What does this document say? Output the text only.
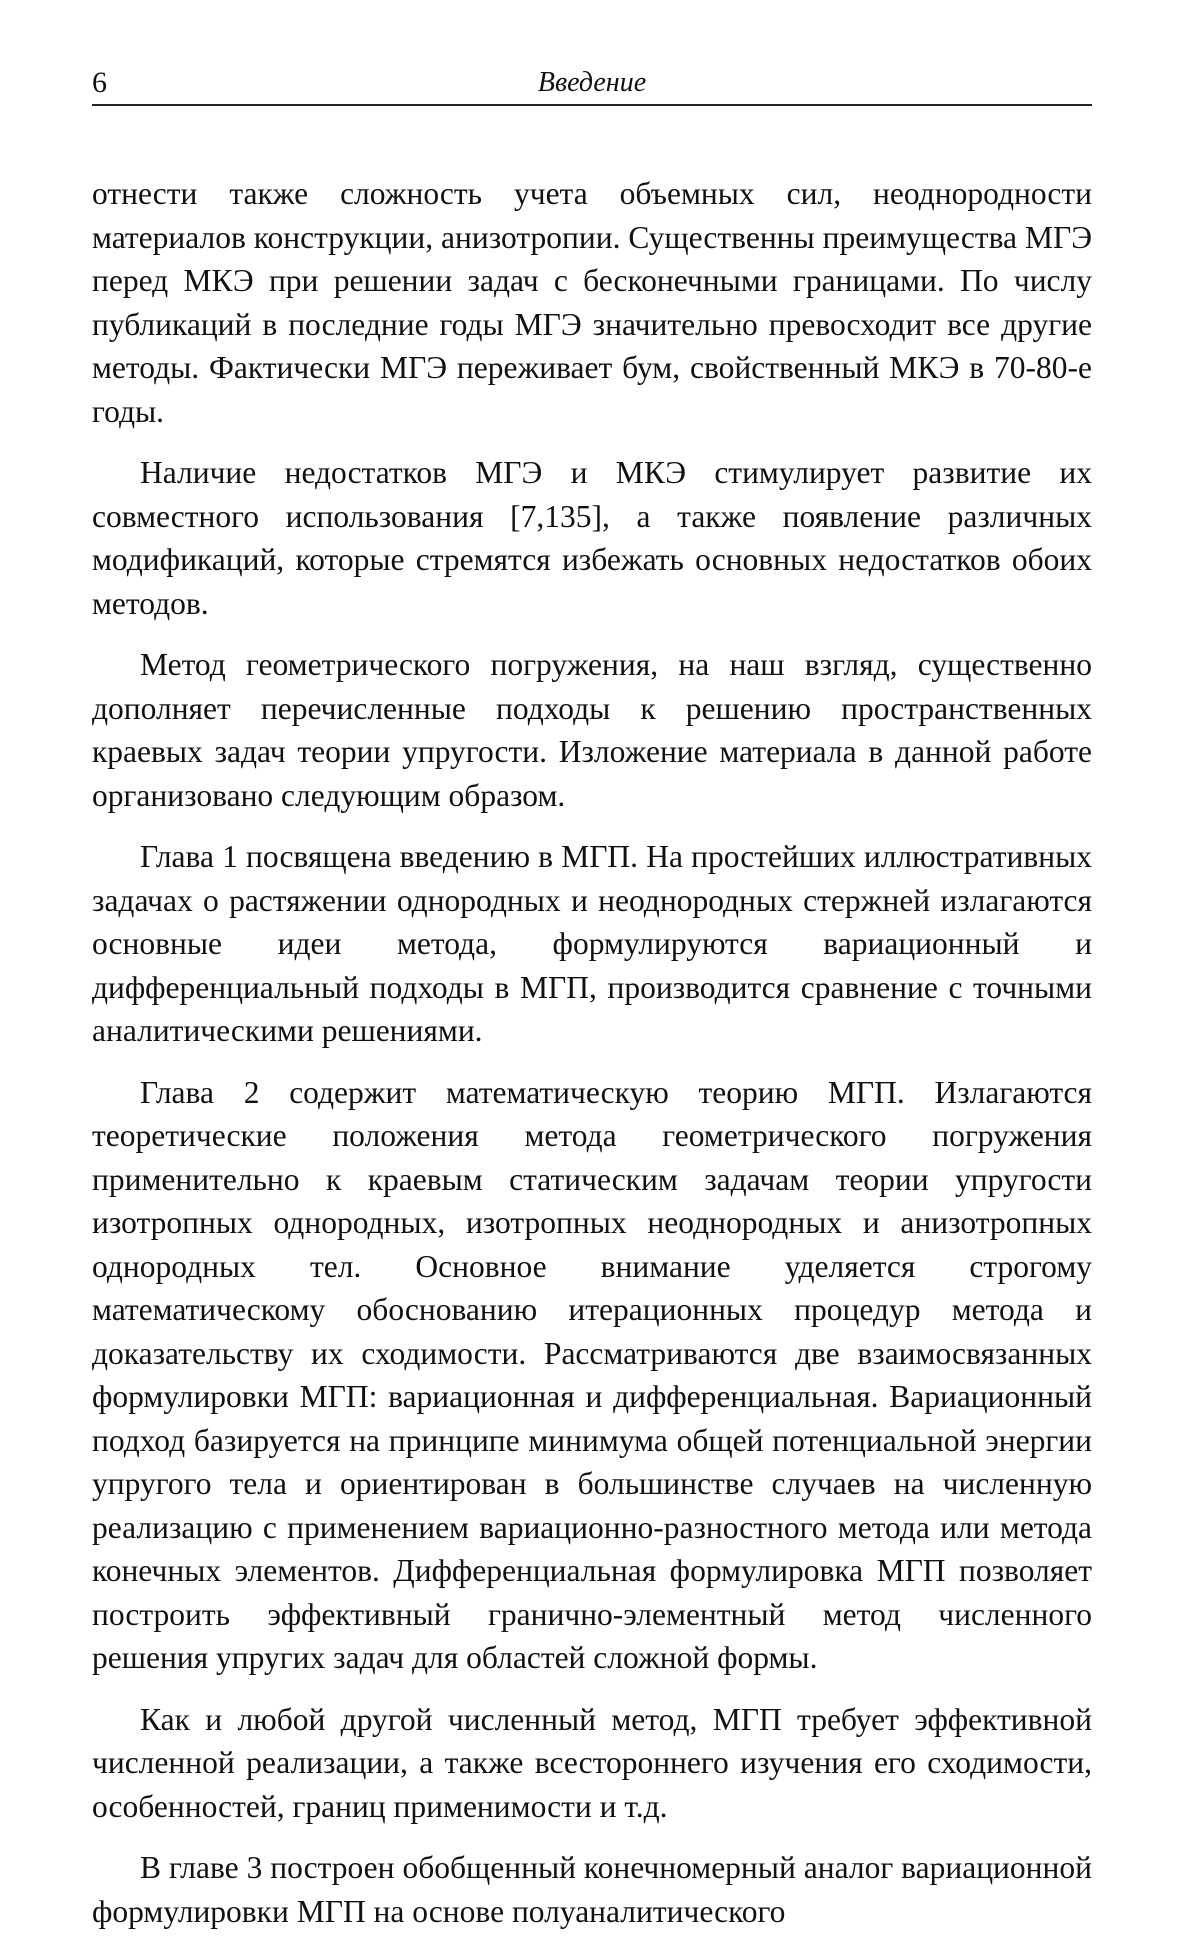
6	Введение

отнести также сложность учета объемных сил, неоднородности материалов конструкции, анизотропии. Существенны преимущества МГЭ перед МКЭ при решении задач с бесконечными границами. По числу публикаций в последние годы МГЭ значительно превосходит все другие методы. Фактически МГЭ переживает бум, свойственный МКЭ в 70-80-е годы.

Наличие недостатков МГЭ и МКЭ стимулирует развитие их совместного использования [7,135], а также появление различных модификаций, которые стремятся избежать основных недостатков обоих методов.

Метод геометрического погружения, на наш взгляд, существенно дополняет перечисленные подходы к решению пространственных краевых задач теории упругости. Изложение материала в данной работе организовано следующим образом.

Глава 1 посвящена введению в МГП. На простейших иллюстративных задачах о растяжении однородных и неоднородных стержней излагаются основные идеи метода, формулируются вариационный и дифференциальный подходы в МГП, производится сравнение с точными аналитическими решениями.

Глава 2 содержит математическую теорию МГП. Излагаются теоретические положения метода геометрического погружения применительно к краевым статическим задачам теории упругости изотропных однородных, изотропных неоднородных и анизотропных однородных тел. Основное внимание уделяется строгому математическому обоснованию итерационных процедур метода и доказательству их сходимости. Рассматриваются две взаимосвязанных формулировки МГП: вариационная и дифференциальная. Вариационный подход базируется на принципе минимума общей потенциальной энергии упругого тела и ориентирован в большинстве случаев на численную реализацию с применением вариационно-разностного метода или метода конечных элементов. Дифференциальная формулировка МГП позволяет построить эффективный гранично-элементный метод численного решения упругих задач для областей сложной формы.

Как и любой другой численный метод, МГП требует эффективной численной реализации, а также всестороннего изучения его сходимости, особенностей, границ применимости и т.д.

В главе 3 построен обобщенный конечномерный аналог вариационной формулировки МГП на основе полуаналитического
